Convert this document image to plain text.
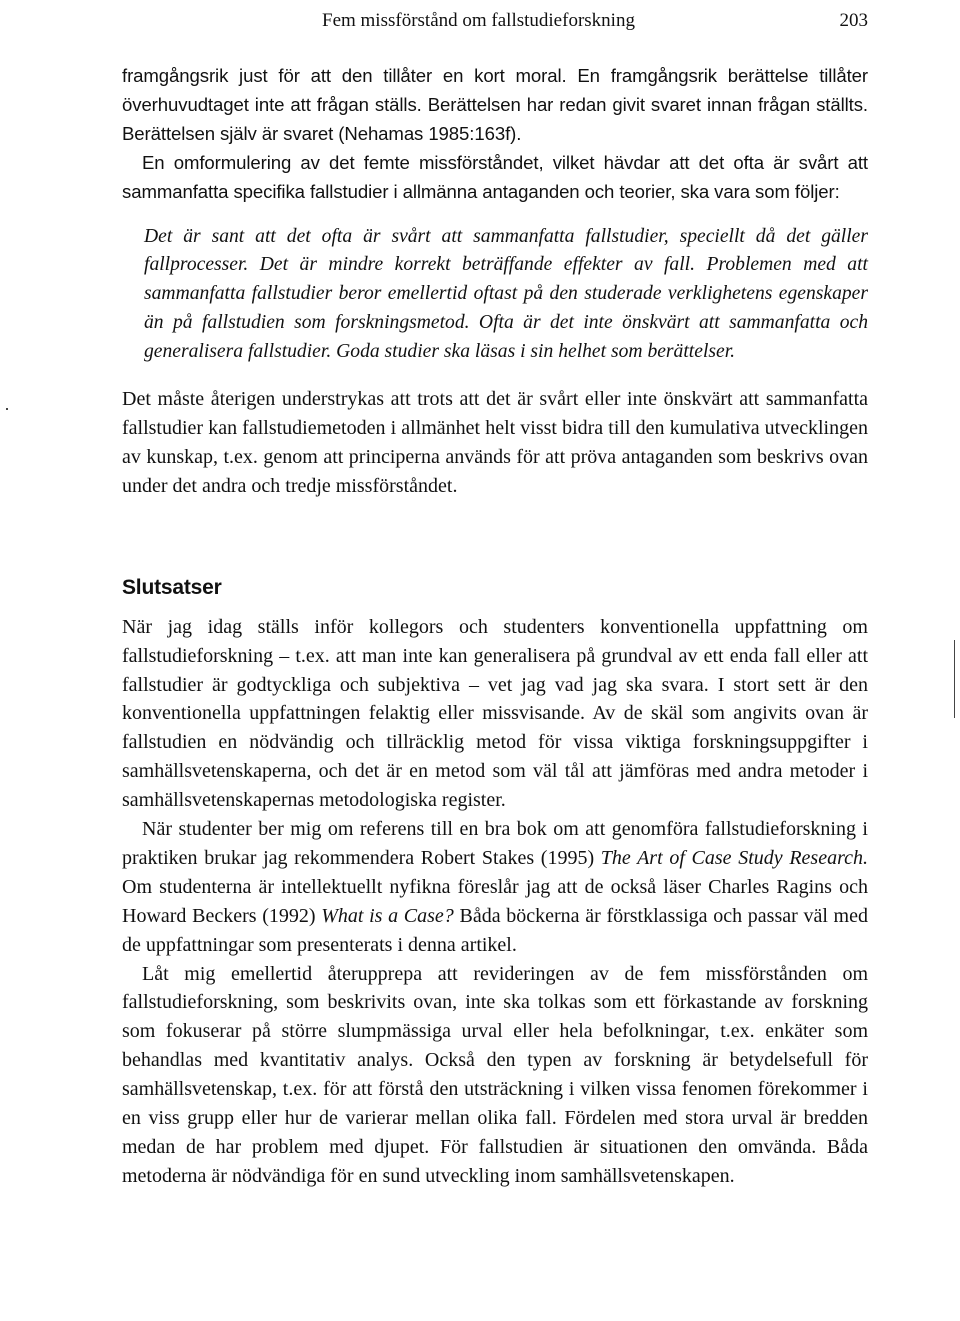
Fem missförstånd om fallstudieforskning	203

framgångsrik just för att den tillåter en kort moral. En framgångsrik berättelse tillåter överhuvudtaget inte att frågan ställs. Berättelsen har redan givit svaret innan frågan ställts. Berättelsen själv är svaret (Nehamas 1985:163f).

En omformulering av det femte missförståndet, vilket hävdar att det ofta är svårt att sammanfatta specifika fallstudier i allmänna antaganden och teorier, ska vara som följer:

Det är sant att det ofta är svårt att sammanfatta fallstudier, speciellt då det gäller fallprocesser. Det är mindre korrekt beträffande effekter av fall. Problemen med att sammanfatta fallstudier beror emellertid oftast på den studerade verklighetens egenskaper än på fallstudien som forskningsmetod. Ofta är det inte önskvärt att sammanfatta och generalisera fallstudier. Goda studier ska läsas i sin helhet som berättelser.

Det måste återigen understrykas att trots att det är svårt eller inte önskvärt att sammanfatta fallstudier kan fallstudiemetoden i allmänhet helt visst bidra till den kumulativa utvecklingen av kunskap, t.ex. genom att principerna används för att pröva antaganden som beskrivs ovan under det andra och tredje missförståndet.

Slutsatser

När jag idag ställs inför kollegors och studenters konventionella uppfattning om fallstudieforskning – t.ex. att man inte kan generalisera på grundval av ett enda fall eller att fallstudier är godtyckliga och subjektiva – vet jag vad jag ska svara. I stort sett är den konventionella uppfattningen felaktig eller missvisande. Av de skäl som angivits ovan är fallstudien en nödvändig och tillräcklig metod för vissa viktiga forskningsuppgifter i samhällsvetenskaperna, och det är en metod som väl tål att jämföras med andra metoder i samhällsvetenskapernas metodologiska register.

När studenter ber mig om referens till en bra bok om att genomföra fallstudieforskning i praktiken brukar jag rekommendera Robert Stakes (1995) The Art of Case Study Research. Om studenterna är intellektuellt nyfikna föreslår jag att de också läser Charles Ragins och Howard Beckers (1992) What is a Case? Båda böckerna är förstklassiga och passar väl med de uppfattningar som presenterats i denna artikel.

Låt mig emellertid återupprepa att revideringen av de fem missförstånden om fallstudieforskning, som beskrivits ovan, inte ska tolkas som ett förkastande av forskning som fokuserar på större slumpmässiga urval eller hela befolkningar, t.ex. enkäter som behandlas med kvantitativ analys. Också den typen av forskning är betydelsefull för samhällsvetenskap, t.ex. för att förstå den utsträckning i vilken vissa fenomen förekommer i en viss grupp eller hur de varierar mellan olika fall. Fördelen med stora urval är bredden medan de har problem med djupet. För fallstudien är situationen den omvända. Båda metoderna är nödvändiga för en sund utveckling inom samhällsvetenskapen.
